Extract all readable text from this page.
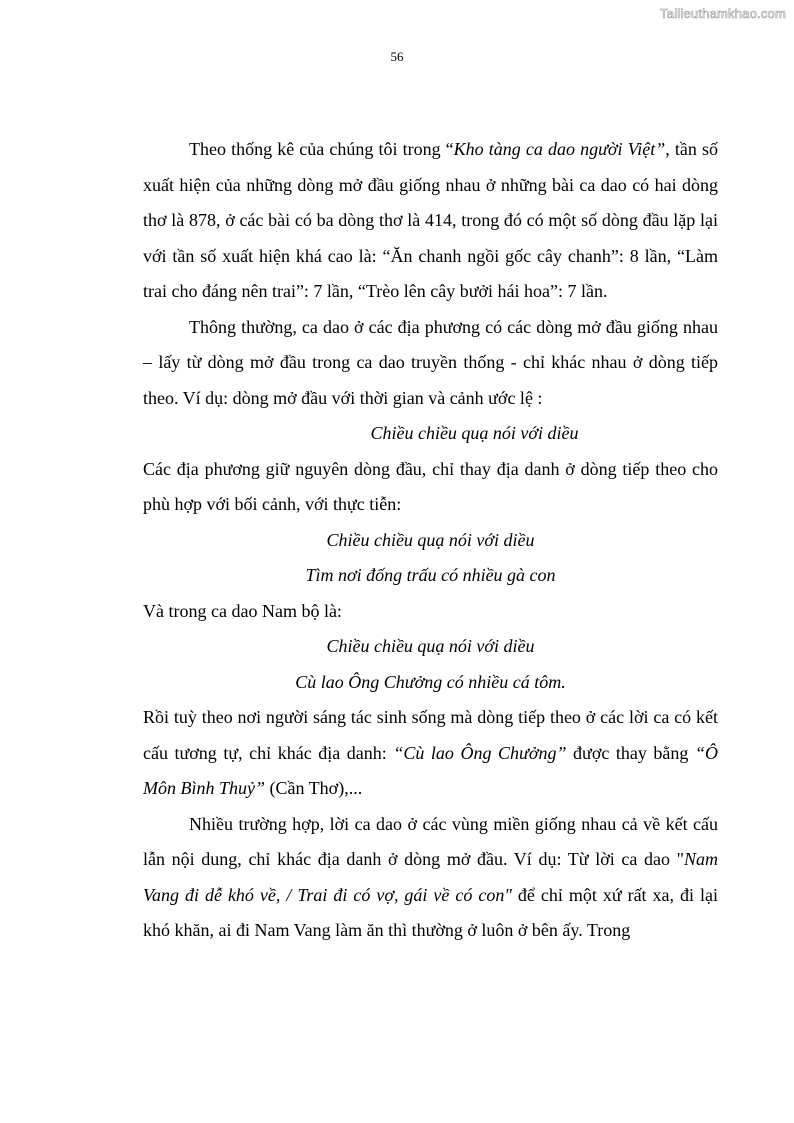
Tailieuthamkhao.com
56

Theo thống kê của chúng tôi trong “Kho tàng ca dao người Việt”, tần số xuất hiện của những dòng mở đầu giống nhau ở những bài ca dao có hai dòng thơ là 878, ở các bài có ba dòng thơ là 414, trong đó có một số dòng đầu lặp lại với tần số xuất hiện khá cao là: “Ăn chanh ngồi gốc cây chanh”: 8 lần, “Làm trai cho đáng nên trai”: 7 lần, “Trèo lên cây bưởi hái hoa”: 7 lần.

Thông thường, ca dao ở các địa phương có các dòng mở đầu giống nhau – lấy từ dòng mở đầu trong ca dao truyền thống - chỉ khác nhau ở dòng tiếp theo. Ví dụ: dòng mở đầu với thời gian và cảnh ước lệ :

Chiều chiều quạ nói với diều

Các địa phương giữ nguyên dòng đầu, chỉ thay địa danh ở dòng tiếp theo cho phù hợp với bối cảnh, với thực tiễn:

Chiều chiều quạ nói với diều

Tìm nơi đống trấu có nhiều gà con

Và trong ca dao Nam bộ là:

Chiều chiều quạ nói với diều

Cù lao Ông Chưởng có nhiều cá tôm.

Rồi tuỳ theo nơi người sáng tác sinh sống mà dòng tiếp theo ở các lời ca có kết cấu tương tự, chỉ khác địa danh: “Cù lao Ông Chưởng” được thay bằng “Ô Môn Bình Thuỷ” (Cần Thơ),...

Nhiều trường hợp, lời ca dao ở các vùng miền giống nhau cả về kết cấu lẫn nội dung, chỉ khác địa danh ở dòng mở đầu. Ví dụ: Từ lời ca dao "Nam Vang đi dễ khó về, / Trai đi có vợ, gái về có con" để chỉ một xứ rất xa, đi lại khó khăn, ai đi Nam Vang làm ăn thì thường ở luôn ở bên ấy. Trong
